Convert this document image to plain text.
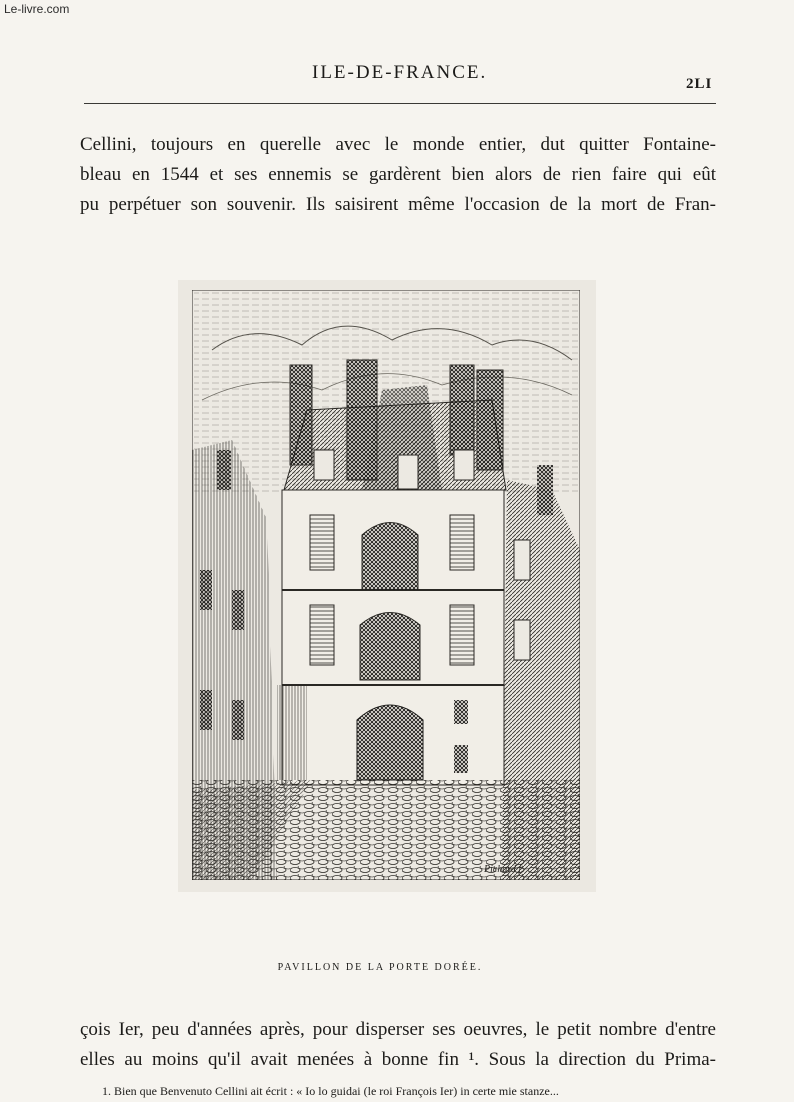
Le-livre.com
ILE-DE-FRANCE.
2LI
Cellini, toujours en querelle avec le monde entier, dut quitter Fontaine-
bleau en 1544 et ses ennemis se gardèrent bien alors de rien faire qui eût
pu perpétuer son souvenir. Ils saisirent même l'occasion de la mort de Fran-
Pichard f.
PAVILLON DE LA PORTE DORÉE.
çois Ier, peu d'années après, pour disperser ses oeuvres, le petit nombre d'entre
elles au moins qu'il avait menées à bonne fin ¹. Sous la direction du Prima-
1. Bien que Benvenuto Cellini ait écrit : « Io lo guidai (le roi François Ier) in certe mie stanze...
